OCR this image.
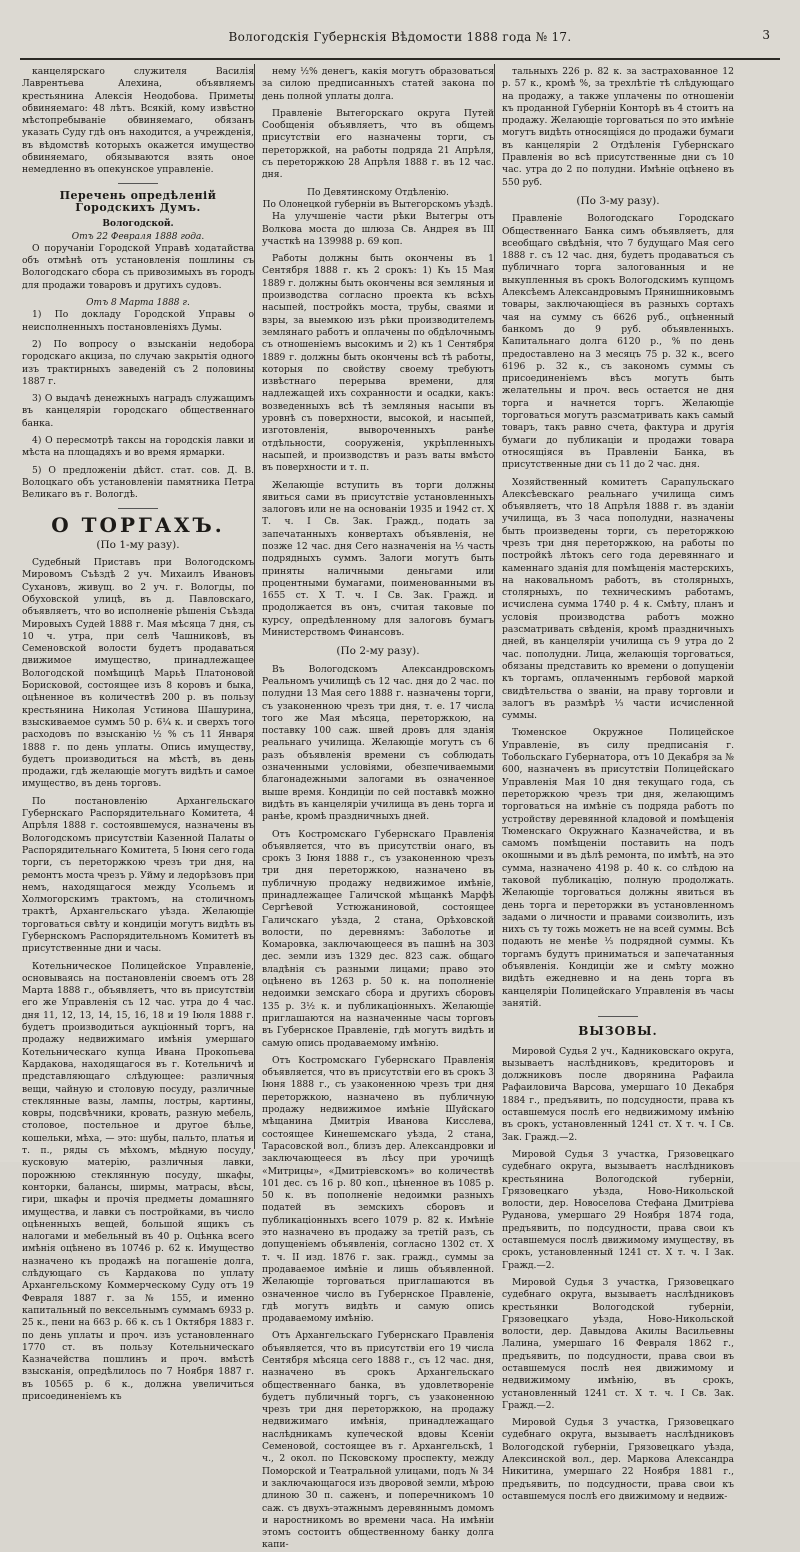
Вологодскія Губернскія Вѣдомости 1888 года № 17.	3

канцелярскаго служителя Василія Лаврентьева Алехина, объявляемъ крестьянина Алексія Неодобова. Приметы обвиняемаго: 48 лѣтъ. Всякій, кому извѣстно мѣстопребываніе обвиняемаго, обязанъ указать Суду гдѣ онъ находится, а учрежденія, въ вѣдомствѣ которыхъ окажется имущество обвиняемаго, обязываются взять оное немедленно въ опекунское управленіе.

Перечень опредѣленій Городскихъ Думъ.
Вологодской.
Отъ 22 Февраля 1888 года.

О поручаніи Городской Управѣ ходатайства объ отмѣнѣ отъ установленія пошлины съ Вологодскаго сбора съ привозимыхъ въ городъ для продажи товаровъ и другихъ судовъ.

Отъ 8 Марта 1888 г.

1) По докладу Городской Управы о неисполненныхъ постановленіяхъ Думы.

2) По вопросу о взысканіи недобора городскаго акциза, по случаю закрытія одного изъ трактирныхъ заведеній съ 2 половины 1887 г.

3) О выдачѣ денежныхъ наградъ служащимъ въ канцеляріи городскаго общественнаго банка.

4) О пересмотрѣ таксы на городскія лавки и мѣста на площадяхъ и во время ярмарки.

5) О предложеніи дѣйст. стат. сов. Д. В. Волоцкаго объ установленіи памятника Петра Великаго въ г. Вологдѣ.

О ТОРГАХЪ.
(По 1-му разу).

Судебный Приставъ при Вологодскомъ Мировомъ Съѣздѣ 2 уч. Михаилъ Ивановъ Сухановъ, живущ. во 2 уч. г. Вологды, по Обуховской улицѣ, въ д. Павловскаго, объявляетъ, что во исполненіе рѣшенія Съѣзда Мировыхъ Судей 1888 г. Мая мѣсяца 7 дня, съ 10 ч. утра, при селѣ Чашниковѣ, въ Семеновской волости будетъ продаваться движимое имущество, принадлежащее Вологодской помѣщицѣ Марьѣ Платоновой Борисковой, состоящее изъ 8 коровъ и быка, оцѣненное въ количествѣ 200 р. въ пользу крестьянина Николая Устинова Шашурина, взыскиваемое суммъ 50 р. 6¼ к. и сверхъ того расходовъ по взысканію ½ % съ 11 Января 1888 г. по день уплаты. Опись имуществу, будетъ производиться на мѣстѣ, въ день продажи, гдѣ желающіе могутъ видѣть и самое имущество, въ день торговъ.

По постановленію Архангельскаго Губернскаго Распорядительнаго Комитета, 4 Апрѣля 1888 г. состоявшемуся, назначены въ Вологодскомъ присутствіи Казенной Палаты о Распорядительнаго Комитета, 5 Іюня сего года торги, съ переторжкою чрезъ три дня, на ремонтъ моста чрезъ р. Уйму и ледорѣзовъ при немъ, находящагося между Усольемъ и Холмогорскимъ трактомъ, на столичномъ трактѣ, Архангельскаго уѣзда. Желающіе торговаться свѣту и кондиціи могутъ видѣть въ Губернскомъ Распорядительномъ Комитетѣ въ присутственные дни и часы.

Котельническое Полицейское Управленіе, основываясь на постановленіи своемъ отъ 28 Марта 1888 г., объявляетъ, что въ присутствіи его же Управленія съ 12 час. утра до 4 час. дня 11, 12, 13, 14, 15, 16, 18 и 19 Іюля 1888 г. будетъ производиться аукціонный торгъ, на продажу недвижимаго имѣнія умершаго Котельническаго купца Ивана Прокопьева Кардакова, находящагося въ г. Котельничѣ и представляющаго слѣдующее: различныя вещи, чайную и столовую посуду, различные стеклянные вазы, лампы, лостры, картины, ковры, подсвѣчники, кровать, разную мебель, столовое, постельное и другое бѣлье, кошельки, мѣха, — это: шубы, пальто, платья и т. п., ряды съ мѣхомъ, мѣдную посуду, кусковую матерію, различныя лавки, порожнюю стеклянную посуду, шкафы, конторки, балансы, ширмы, матрасы, вѣсы, гири, шкафы и прочія предметы домашняго имущества, и лавки съ постройками, въ число оцѣненныхъ вещей, большой ящикъ съ налогами и мебельный въ 40 р. Оцѣнка всего имѣнія оцѣнено въ 10746 р. 62 к. Имущество назначено къ продажѣ на погашеніе долга, слѣдующаго съ Кардакова по уплату Архангельскому Коммерческому Суду отъ 19 Февраля 1887 г. за № 155, и именно капитальный по вексельнымъ суммамъ 6933 р. 25 к., пени на 663 р. 66 к. съ 1 Октября 1883 г. по день уплаты и проч. изъ установленнаго 1770 ст. въ пользу Котельническаго Казначейства пошлинъ и проч. вмѣстѣ взысканія, опредѣлилось по 7 Ноября 1887 г. въ 10565 р. 6 к., должна увеличиться присоединеніемъ къ

нему ½% денегъ, какія могутъ образоваться за силою предписанныхъ статей закона по день полной уплаты долга.

Правленіе Вытегорскаго округа Путей Сообщенія объявляетъ, что въ общемъ присутствіи его назначены торги, съ переторжкой, на работы подряда 21 Апрѣля, съ переторжкою 28 Апрѣля 1888 г. въ 12 час. дня.

По Девятинскому Отдѣленію.
По Олонецкой губерніи въ Вытегорскомъ уѣздѣ.

На улучшеніе части рѣки Вытегры отъ Волкова моста до шлюза Св. Андрея въ III участкѣ на 139988 р. 69 коп.

Работы должны быть окончены въ 1 Сентября 1888 г. къ 2 срокъ: 1) Къ 15 Мая 1889 г. должны быть окончены вся земляныя и производства согласно проекта къ всѣхъ насыпей, постройкъ моста, трубы, сваями и взры, за выемкою изъ рѣки производителемъ землянаго работъ и оплачены по обдѣлочнымъ съ отношеніемъ высокимъ и 2) къ 1 Сентября 1889 г. должны быть окончены всѣ тѣ работы, которыя по свойству своему требуютъ извѣстнаго перерыва времени, для надлежащей ихъ сохранности и осадки, какъ: возведенныхъ всѣ тѣ земляныя насыпи въ уровнѣ съ поверхности, высокой, и насыпей, изготовленія, вывороченныхъ ранѣе отдѣльности, сооруженія, укрѣпленныхъ насыпей, и производствъ и разъ ваты вмѣсто въ поверхности и т. п.

Желающіе вступить въ торги должны явиться сами въ присутствіе установленныхъ залоговъ или не на основаніи 1935 и 1942 ст. Х Т. ч. I Св. Зак. Гражд., подать за запечатанныхъ конвертахъ объявленія, не позже 12 час. дня Сего назначенія на ⅓ часть подрядныхъ суммъ. Залоги могутъ быть приняты наличными деньгами или процентными бумагами, поименованными въ 1655 ст. X Т. ч. I Св. Зак. Гражд. и продолжается въ онъ, считая таковые по курсу, опредѣленному для залоговъ бумагъ Министерствомъ Финансовъ.

(По 2-му разу).

Въ Вологодскомъ Александровскомъ Реальномъ училищѣ съ 12 час. дня до 2 час. по полудни 13 Мая сего 1888 г. назначены торги, съ узаконенною чрезъ три дня, т. е. 17 числа того же Мая мѣсяца, переторжкою, на поставку 100 саж. швей дровъ для зданія реальнаго училища. Желающіе могутъ съ 6 разъ объявленія времени съ соблюдать означенными условіями, обезпечиваемыми благонадежными залогами въ означенное выше время. Кондиціи по сей поставкѣ можно видѣть въ канцеляріи училища въ день торга и ранѣе, кромѣ праздничныхъ дней.

Отъ Костромскаго Губернскаго Правленія объявляется, что въ присутствіи онаго, въ срокъ 3 Іюня 1888 г., съ узаконенною чрезъ три дня переторжкою, назначено въ публичную продажу недвижимое имѣніе, принадлежащее Галичской мѣщанкѣ Марфѣ Сергѣевой Устюжаниновой, состоящее Галичскаго уѣзда, 2 стана, Орѣховской волости, по деревнямъ: Заболотье и Комаровка, заключающееся въ пашнѣ на 303 дес. земли изъ 1329 дес. 823 саж. общаго владѣнія съ разными лицами; право это оцѣнено въ 1263 р. 50 к. на пополненіе недоимки земскаго сбора и другихъ сборовъ 135 р. 3½ к. и публикаціонныхъ. Желающіе приглашаются на назначенные часы торговъ въ Губернское Правленіе, гдѣ могутъ видѣть и самую опись продаваемому имѣнію.

Отъ Костромскаго Губернскаго Правленія объявляется, что въ присутствіи его въ срокъ 3 Іюня 1888 г., съ узаконенною чрезъ три дня переторжкою, назначено въ публичную продажу недвижимое имѣніе Шуйскаго мѣщанина Дмитрія Иванова Кисслева, состоящее Кинешемскаго уѣзда, 2 стана, Тарасовской вол., близъ дер. Александровки и заключающееся въ лѣсу при урочищѣ «Митрицы», «Дмитріевскомъ» во количествѣ 101 дес. съ 16 р. 80 коп., цѣненное въ 1085 р. 50 к. въ пополненіе недоимки разныхъ податей въ земскихъ сборовъ и публикаціонныхъ всего 1079 р. 82 к. Имѣніе это назначено въ продажу за третій разъ, съ допущеніемъ объявленія, согласно 1302 ст. X т. ч. II изд. 1876 г. зак. гражд., суммы за продаваемое имѣніе и лишь объявленной. Желающіе торговаться приглашаются въ означенное число въ Губернское Правленіе, гдѣ могутъ видѣть и самую опись продаваемому имѣнію.

Отъ Архангельскаго Губернскаго Правленія объявляется, что въ присутствіи его 19 числа Сентября мѣсяца сего 1888 г., съ 12 час. дня, назначено въ срокъ Архангельскаго общественнаго банка, въ удовлетвореніе будетъ публичный торгъ, съ узаконенною чрезъ три дня переторжкою, на продажу недвижимаго имѣнія, принадлежащаго наслѣдникамъ купеческой вдовы Ксеніи Семеновой, состоящее въ г. Архангельскѣ, 1 ч., 2 окол. по Псковскому проспекту, между Поморской и Театральной улицами, подъ № 34 и заключающагося изъ дворовой земли, мѣрою длиною 30 п. саженъ, и поперечникомъ 10 саж. съ двухъ-этажнымъ деревяннымъ домомъ и наростникомъ во времени часа. На имѣніи этомъ состоитъ общественному банку долга капи-

тальныхъ 226 р. 82 к. за застрахованное 12 р. 57 к., кромѣ %, за трехлѣтіе тѣ слѣдующаго на продажу, а также уплачены по отношеніи къ проданной Губерніи Конторѣ въ 4 стоитъ на продажу. Желающіе торговаться по это имѣніе могутъ видѣть относящіяся до продажи бумаги въ канцеляріи 2 Отдѣленія Губернскаго Правленія во всѣ присутственные дни съ 10 час. утра до 2 по полудни. Имѣніе оцѣнено въ 550 руб.

(По 3-му разу).

Правленіе Вологодскаго Городскаго Общественнаго Банка симъ объявляетъ, для всеобщаго свѣдѣнія, что 7 будущаго Мая сего 1888 г. съ 12 час. дня, будетъ продаваться съ публичнаго торга залогованныя и не выкупленныя въ срокъ Вологодскимъ купцомъ Алексѣемъ Александровымъ Прянишниковымъ товары, заключающіеся въ разныхъ сортахъ чая на сумму съ 6626 руб., оцѣненный банкомъ до 9 руб. объявленныхъ. Капитальнаго долга 6120 р., % по день предоставлено на 3 месяцъ 75 р. 32 к., всего 6196 р. 32 к., съ закономъ суммы съ присоединеніемъ вѣсъ могутъ быть желательны и проч. весь остается не дня торга и начнется торгъ. Желающіе торговаться могутъ разсматривать какъ самый товаръ, такъ равно счета, фактура и другія бумаги до публикаціи и продажи товара относящіяся въ Правленіи Банка, въ присутственные дни съ 11 до 2 час. дня.

Хозяйственный комитетъ Сарапульскаго Алексѣевскаго реальнаго училища симъ объявляетъ, что 18 Апрѣля 1888 г. въ зданіи училища, въ 3 часа пополудни, назначены быть произведены торги, съ переторжкою чрезъ три дня переторжкою, на работы по постройкѣ лѣтокъ сего года деревяннаго и каменнаго зданія для помѣщенія мастерскихъ, на наковальномъ работъ, въ столярныхъ, столярныхъ, по техническимъ работамъ, исчислена сумма 1740 р. 4 к. Смѣту, планъ и условія производства работъ можно разсматривать свѣденія, кромѣ праздничныхъ дней, въ канцеляріи училища съ 9 утра до 2 час. пополудни. Лица, желающія торговаться, обязаны представить ко времени о допущеніи къ торгамъ, оплаченнымъ гербовой маркой свидѣтельства о званіи, на праву торговли и залогъ въ размѣрѣ ⅓ части исчисленной суммы.

Тюменское Окружное Полицейское Управленіе, въ силу предписанія г. Тобольскаго Губернатора, отъ 10 Декабря за № 600, назначенъ въ присутствіи Полицейскаго Управленія Мая 10 дня текущаго года, съ переторжкою чрезъ три дня, желающимъ торговаться на имѣніе съ подряда работъ по устройству деревянной кладовой и помѣщенія Тюменскаго Окружнаго Казначейства, и въ самомъ помѣщеніи поставить на подъ окошными и въ дѣлѣ ремонта, по имѣтѣ, на это сумма, назначено 4198 р. 40 к. со слѣдою на таковой публикацію, полную продолжать. Желающіе торговаться должны явиться въ день торга и переторжки въ установленномъ задами о личности и правами соизволить, изъ нихъ съ ту тожь можетъ не на всей суммы. Всѣ подають не менѣе ⅓ подрядной суммы. Къ торгамъ будутъ приниматься и запечатанныя объявленія. Кондиціи же и смѣту можно видѣть ежедневно и на день торга въ канцеляріи Полицейскаго Управленія въ часы занятій.

ВЫЗОВЫ.

Мировой Судья 2 уч., Кадниковскаго округа, вызываетъ наслѣдниковъ, кредиторовъ и должниковъ после дворянина Рафаила Рафаиловича Варсова, умершаго 10 Декабря 1884 г., предъявить, по подсудности, права къ оставшемуся послѣ его недвижимому имѣнію въ срокъ, установленный 1241 ст. X т. ч. I Св. Зак. Гражд.—2.

Мировой Судья 3 участка, Грязовецкаго судебнаго округа, вызываетъ наслѣдниковъ крестьянина Вологодской губерніи, Грязовецкаго уѣзда, Ново-Никольской волости, дер. Новоселова Стефана Дмитріева Руданова, умершаго 29 Ноября 1874 года, предъявить, по подсудности, права свои къ оставшемуся послѣ движимому имуществу, въ срокъ, установленный 1241 ст. X т. ч. I Зак. Гражд.—2.

Мировой Судья 3 участка, Грязовецкаго судебнаго округа, вызываетъ наслѣдниковъ крестьянки Вологодской губерніи, Грязовецкаго уѣзда, Ново-Никольской волости, дер. Давыдова Акилы Васильевны Лалина, умершаго 16 Февраля 1862 г., предъявить, по подсудности, права свои въ оставшемуся послѣ нея движимому и недвижимому имѣнію, въ срокъ, установленный 1241 ст. X т. ч. I Св. Зак. Гражд.—2.

Мировой Судья 3 участка, Грязовецкаго судебнаго округа, вызываетъ наслѣдниковъ Вологодской губерніи, Грязовецкаго уѣзда, Алексинской вол., дер. Маркова Александра Никитина, умершаго 22 Ноября 1881 г., предъявить, по подсудности, права свои къ оставшемуся послѣ его движимому и недвиж-
